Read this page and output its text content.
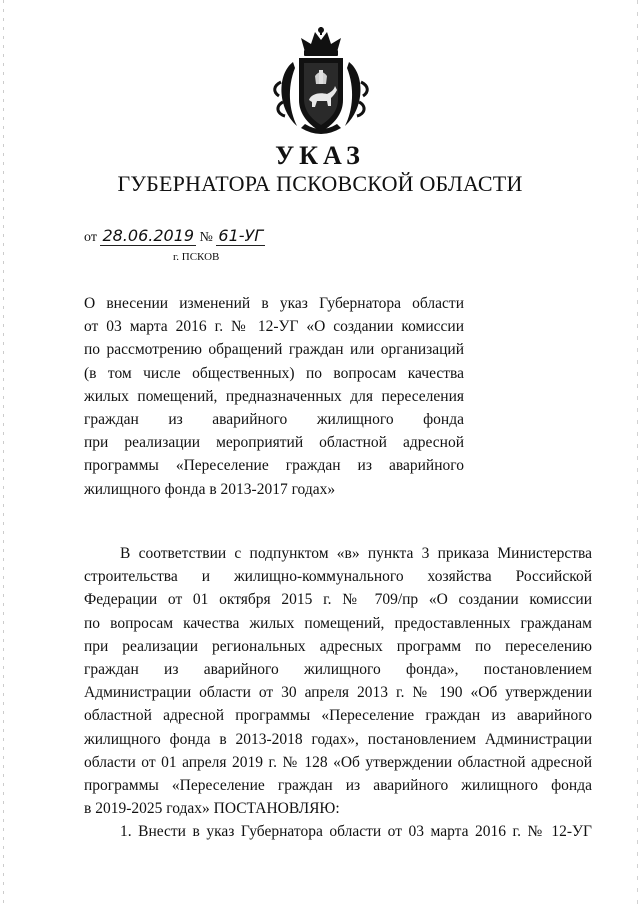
УКАЗ
ГУБЕРНАТОРА ПСКОВСКОЙ ОБЛАСТИ
от 28.06.2019 № 61-УГ
г. ПСКОВ
О внесении изменений в указ Губернатора области
от 03 марта 2016 г. № 12-УГ «О создании комиссии
по рассмотрению обращений граждан или организаций
(в том числе общественных) по вопросам качества
жилых помещений, предназначенных для переселения
граждан из аварийного жилищного фонда
при реализации мероприятий областной адресной
программы «Переселение граждан из аварийного
жилищного фонда в 2013-2017 годах»
В соответствии с подпунктом «в» пункта 3 приказа Министерства
строительства и жилищно-коммунального хозяйства Российской
Федерации от 01 октября 2015 г. № 709/пр «О создании комиссии
по вопросам качества жилых помещений, предоставленных гражданам
при реализации региональных адресных программ по переселению
граждан из аварийного жилищного фонда», постановлением
Администрации области от 30 апреля 2013 г. № 190 «Об утверждении
областной адресной программы «Переселение граждан из аварийного
жилищного фонда в 2013-2018 годах», постановлением Администрации
области от 01 апреля 2019 г. № 128 «Об утверждении областной адресной
программы «Переселение граждан из аварийного жилищного фонда
в 2019-2025 годах» ПОСТАНОВЛЯЮ:
1. Внести в указ Губернатора области от 03 марта 2016 г. № 12-УГ
